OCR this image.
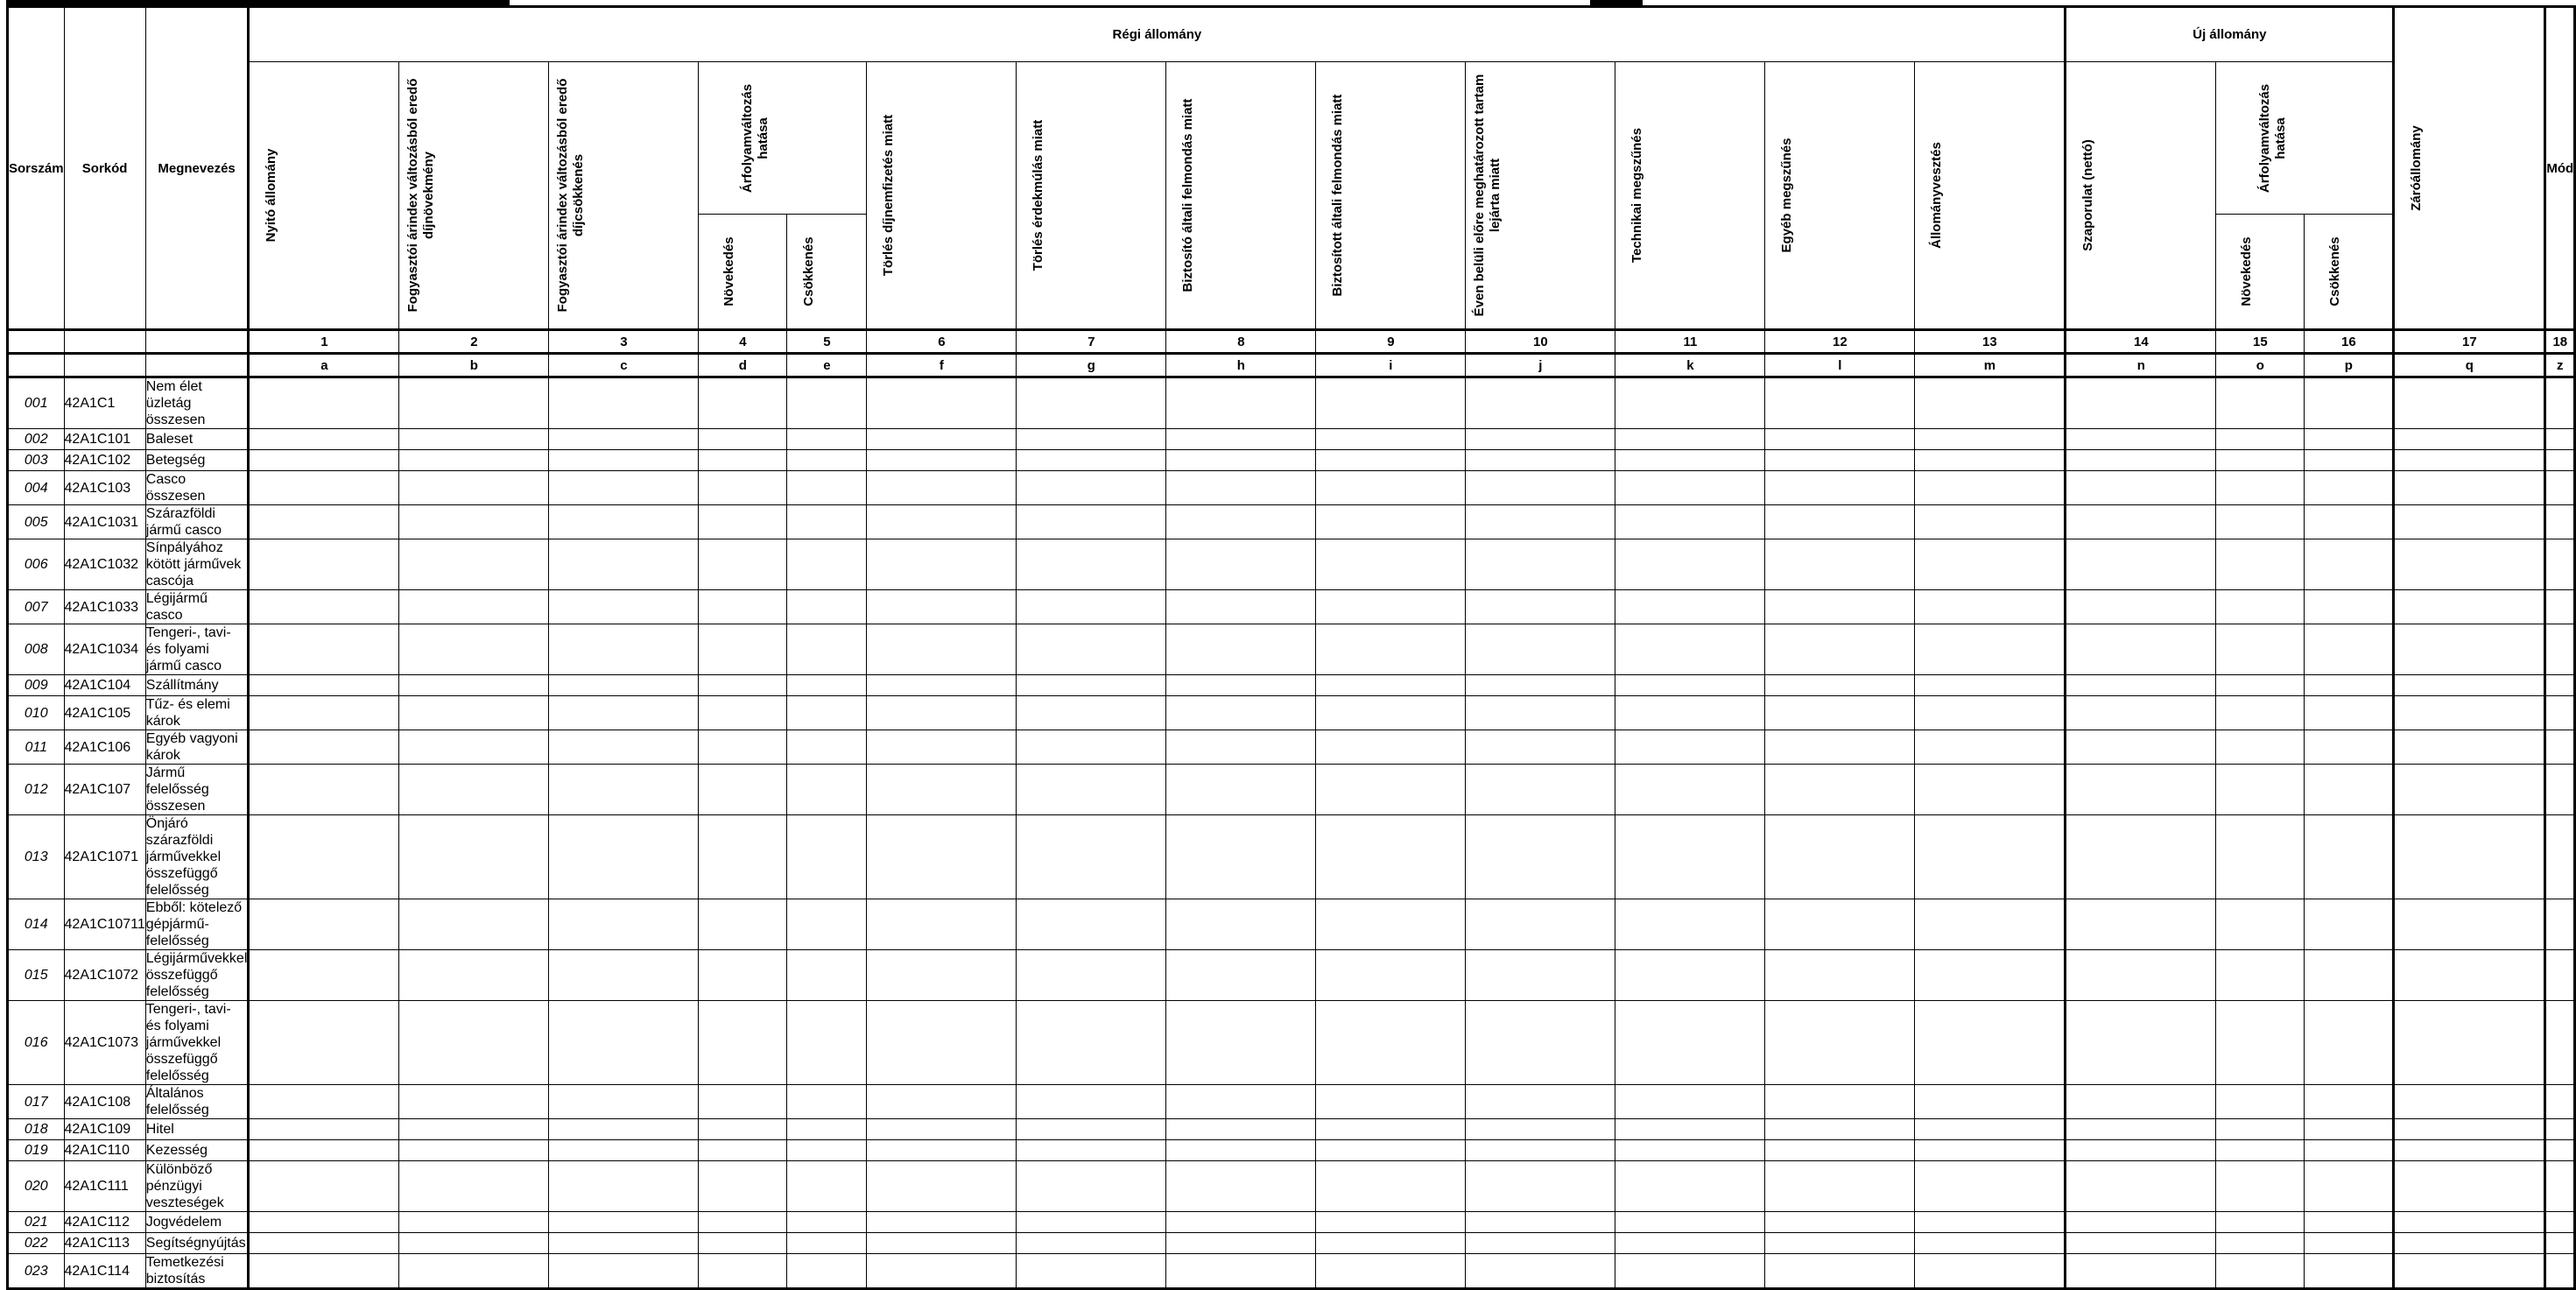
Sorszám	Sorkód	Megnevezés	Régi állomány													Új állomány			Záróállomány	Mód

			Nyitó állomány	Fogyasztói árindex változásból eredő díjnövekmény	Fogyasztói árindex változásból eredő díjcsökkenés	Árfolyamváltozás hatása		Törlés díjnemfizetés miatt	Törlés érdekmúlás miatt	Biztosító általi felmondás miatt	Biztosított általi felmondás miatt	Éven belüli előre meghatározott tartam lejárta miatt	Technikai megszűnés	Egyéb megszűnés	Állományvesztés	Szaporulat (nettó)	Árfolyamváltozás hatása			

						Növekedés	Csökkenés										Növekedés	Csökkenés		

			1	2	3	4	5	6	7	8	9	10	11	12	13	14	15	16	17	18
			a	b	c	d	e	f	g	h	i	j	k	l	m	n	o	p	q	z
001	42A1C1	Nem élet üzletág összesen																		

002	42A1C101	Baleset																		

003	42A1C102	Betegség																		

004	42A1C103	Casco összesen																		

005	42A1C1031	Szárazföldi jármű casco																		

006	42A1C1032	Sínpályához kötött járművek cascója																		

007	42A1C1033	Légijármű casco																		

008	42A1C1034	Tengeri-, tavi- és folyami jármű casco																		

009	42A1C104	Szállítmány																		

010	42A1C105	Tűz- és elemi károk																		

011	42A1C106	Egyéb vagyoni károk																		

012	42A1C107	Jármű felelősség összesen																		

013	42A1C1071	Önjáró szárazföldi járművekkel összefüggő felelősség																		

014	42A1C10711	Ebből: kötelező gépjármű-felelősség																		

015	42A1C1072	Légijárművekkel összefüggő felelősség																		

016	42A1C1073	Tengeri-, tavi- és folyami járművekkel összefüggő felelősség																		

017	42A1C108	Általános felelősség																		

018	42A1C109	Hitel																		

019	42A1C110	Kezesség																		

020	42A1C111	Különböző pénzügyi veszteségek																		

021	42A1C112	Jogvédelem																		

022	42A1C113	Segítségnyújtás																		

023	42A1C114	Temetkezési biztosítás																		
